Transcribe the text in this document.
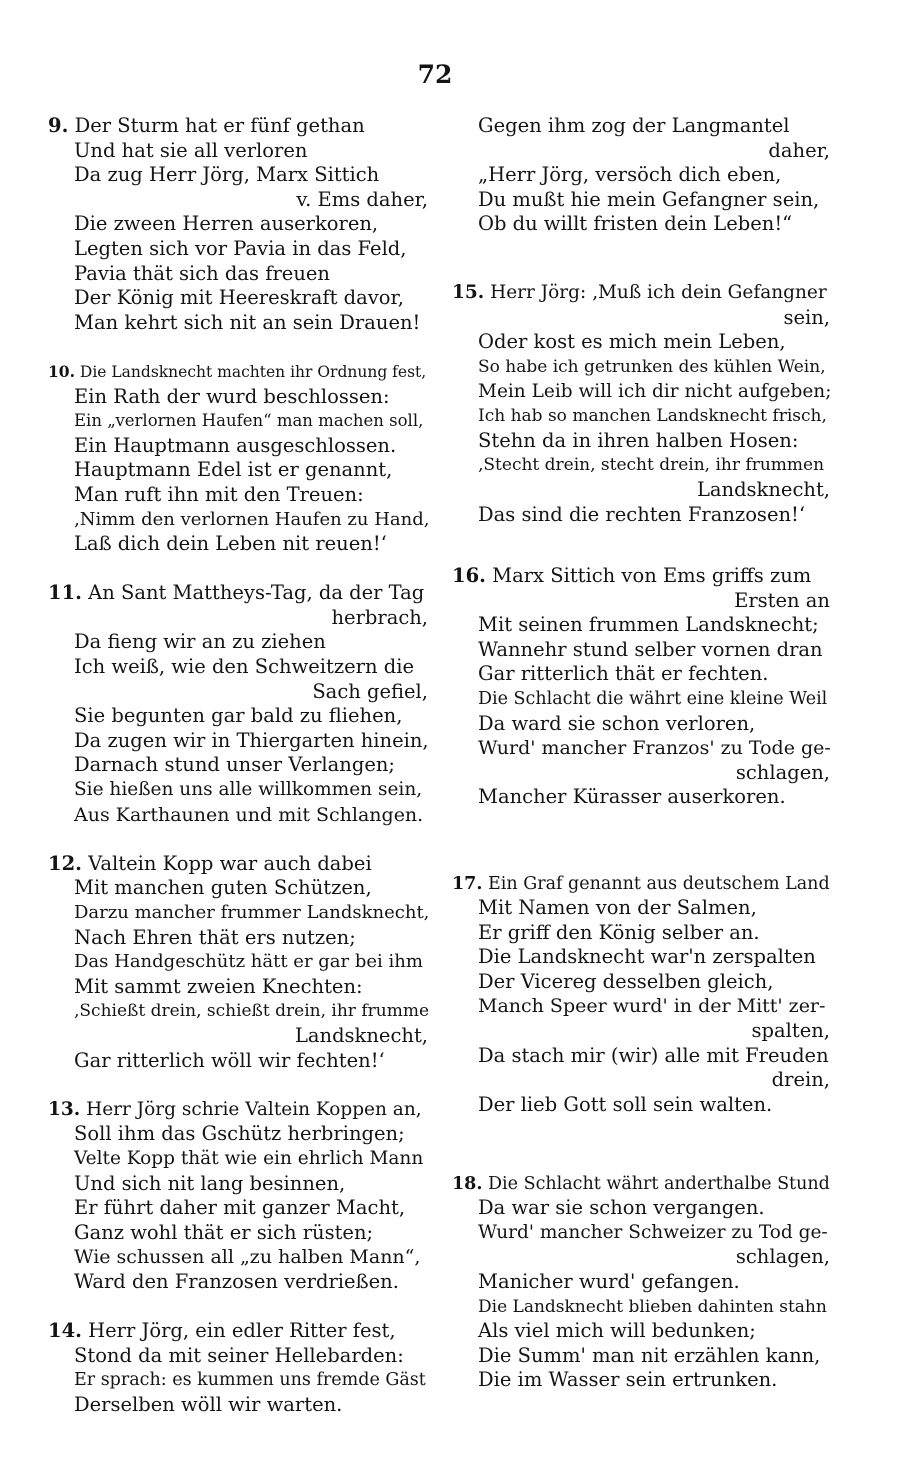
72
9. Der Sturm hat er fünf gethan
Und hat sie all verloren
Da zug Herr Jörg, Marx Sittich
v. Ems daher,
Die zween Herren auserkoren,
Legten sich vor Pavia in das Feld,
Pavia thät sich das freuen
Der König mit Heereskraft davor,
Man kehrt sich nit an sein Drauen!
10. Die Landsknecht machten ihr Ordnung fest,
Ein Rath der wurd beschlossen:
Ein „verlornen Haufen“ man machen soll,
Ein Hauptmann ausgeschlossen.
Hauptmann Edel ist er genannt,
Man ruft ihn mit den Treuen:
‚Nimm den verlornen Haufen zu Hand,
Laß dich dein Leben nit reuen!‘
11. An Sant Mattheys-Tag, da der Tag
herbrach,
Da fieng wir an zu ziehen
Ich weiß, wie den Schweitzern die
Sach gefiel,
Sie begunten gar bald zu fliehen,
Da zugen wir in Thiergarten hinein,
Darnach stund unser Verlangen;
Sie hießen uns alle willkommen sein,
Aus Karthaunen und mit Schlangen.
12. Valtein Kopp war auch dabei
Mit manchen guten Schützen,
Darzu mancher frummer Landsknecht,
Nach Ehren thät ers nutzen;
Das Handgeschütz hätt er gar bei ihm
Mit sammt zweien Knechten:
‚Schießt drein, schießt drein, ihr frumme
Landsknecht,
Gar ritterlich wöll wir fechten!‘
13. Herr Jörg schrie Valtein Koppen an,
Soll ihm das Gschütz herbringen;
Velte Kopp thät wie ein ehrlich Mann
Und sich nit lang besinnen,
Er führt daher mit ganzer Macht,
Ganz wohl thät er sich rüsten;
Wie schussen all „zu halben Mann“,
Ward den Franzosen verdrießen.
14. Herr Jörg, ein edler Ritter fest,
Stond da mit seiner Hellebarden:
Er sprach: es kummen uns fremde Gäst
Derselben wöll wir warten.
Gegen ihm zog der Langmantel
daher,
„Herr Jörg, versöch dich eben,
Du mußt hie mein Gefangner sein,
Ob du willt fristen dein Leben!“
15. Herr Jörg: ‚Muß ich dein Gefangner
sein,
Oder kost es mich mein Leben,
So habe ich getrunken des kühlen Wein,
Mein Leib will ich dir nicht aufgeben;
Ich hab so manchen Landsknecht frisch,
Stehn da in ihren halben Hosen:
‚Stecht drein, stecht drein, ihr frummen
Landsknecht,
Das sind die rechten Franzosen!‘
16. Marx Sittich von Ems griffs zum
Ersten an
Mit seinen frummen Landsknecht;
Wannehr stund selber vornen dran
Gar ritterlich thät er fechten.
Die Schlacht die währt eine kleine Weil
Da ward sie schon verloren,
Wurd' mancher Franzos' zu Tode ge-
schlagen,
Mancher Kürasser auserkoren.
17. Ein Graf genannt aus deutschem Land
Mit Namen von der Salmen,
Er griff den König selber an.
Die Landsknecht war'n zerspalten
Der Vicereg desselben gleich,
Manch Speer wurd' in der Mitt' zer-
spalten,
Da stach mir (wir) alle mit Freuden
drein,
Der lieb Gott soll sein walten.
18. Die Schlacht währt anderthalbe Stund
Da war sie schon vergangen.
Wurd' mancher Schweizer zu Tod ge-
schlagen,
Manicher wurd' gefangen.
Die Landsknecht blieben dahinten stahn
Als viel mich will bedunken;
Die Summ' man nit erzählen kann,
Die im Wasser sein ertrunken.
